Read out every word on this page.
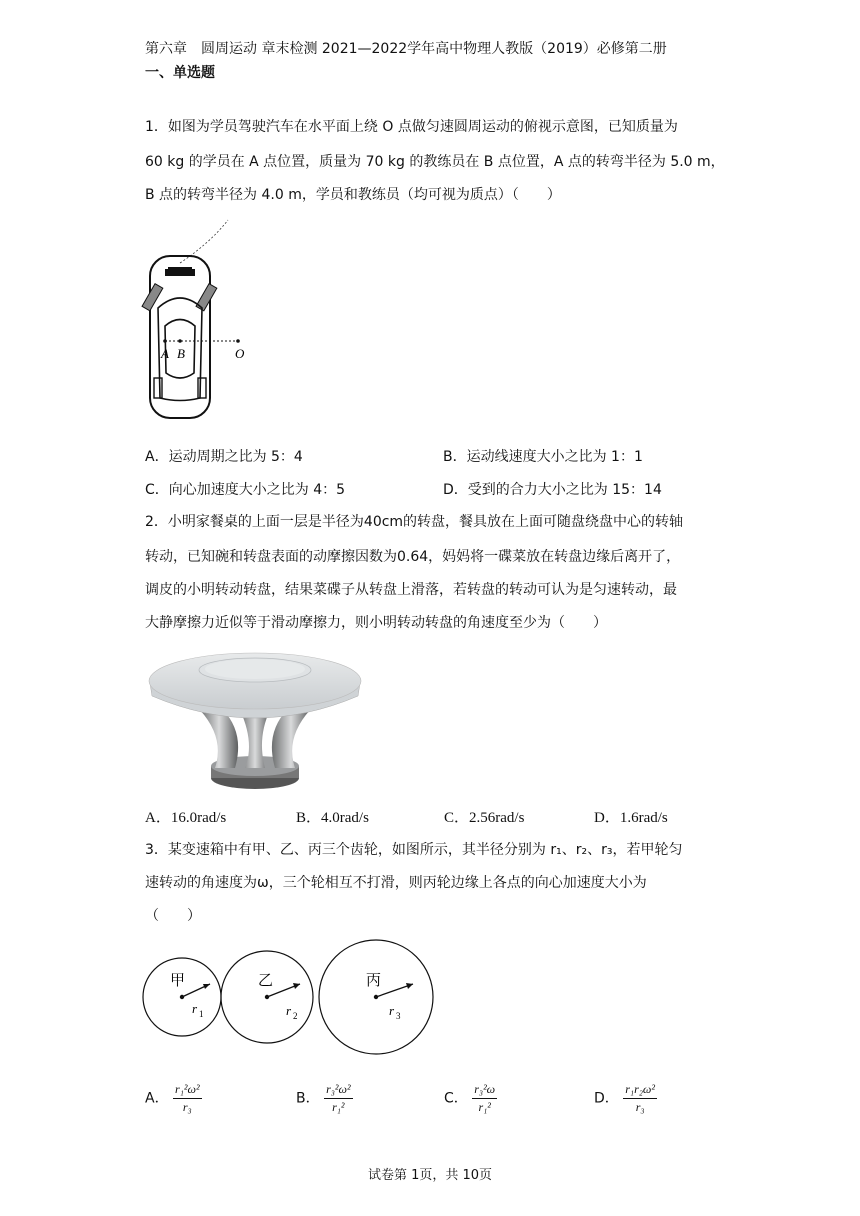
第六章　圆周运动 章末检测 2021—2022学年高中物理人教版（2019）必修第二册
一、单选题
1．如图为学员驾驶汽车在水平面上绕 O 点做匀速圆周运动的俯视示意图，已知质量为
60 kg 的学员在 A 点位置，质量为 70 kg 的教练员在 B 点位置，A 点的转弯半径为 5.0 m，
B 点的转弯半径为 4.0 m，学员和教练员（均可视为质点）（　　）
A B	O
A．运动周期之比为 5：4	B．运动线速度大小之比为 1：1
C．向心加速度大小之比为 4：5	D．受到的合力大小之比为 15：14
2．小明家餐桌的上面一层是半径为40cm的转盘，餐具放在上面可随盘绕盘中心的转轴
转动，已知碗和转盘表面的动摩擦因数为0.64，妈妈将一碟菜放在转盘边缘后离开了，
调皮的小明转动转盘，结果菜碟子从转盘上滑落，若转盘的转动可认为是匀速转动，最
大静摩擦力近似等于滑动摩擦力，则小明转动转盘的角速度至少为（　　）
A．16.0rad/s	B．4.0rad/s	C．2.56rad/s	D．1.6rad/s
3．某变速箱中有甲、乙、丙三个齿轮，如图所示，其半径分别为 r₁、r₂、r₃，若甲轮匀
速转动的角速度为ω，三个轮相互不打滑，则丙轮边缘上各点的向心加速度大小为
（　　）
甲
r 1
乙
r 2
丙
r 3
A． $\frac{\text{r₁²ω²}}{\text{r₃}}$	B． $\frac{\text{r₃²ω²}}{\text{r₁²}}$	C． $\frac{\text{r₃²ω}}{\text{r₁²}}$	D． $\frac{\text{r₁r₂ω²}}{\text{r₃}}$
试卷第 1页，共 10页
